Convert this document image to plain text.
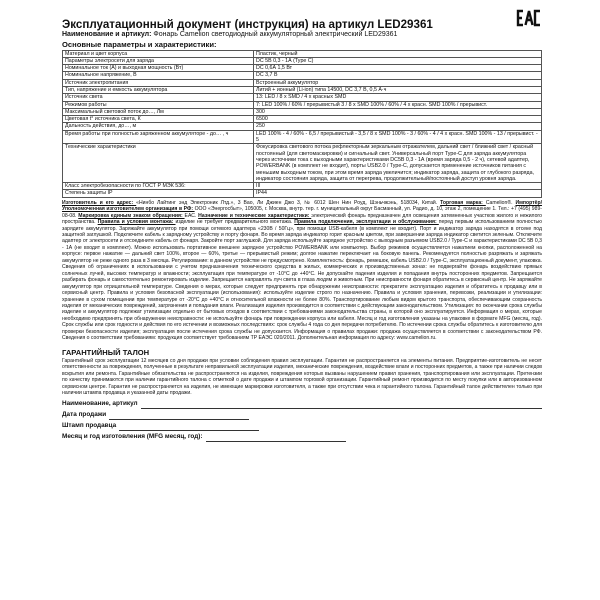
Эксплуатационный документ (инструкция) на артикул LED29361
Наименование и артикул: Фонарь Camelion светодиодный аккумуляторный электрический LED29361
Основные параметры и характеристики:
Материал и цвет корпуса	Пластик, черный
Параметры электросети для заряда	DC 5В 0,3 - 1А (Type C)
Номинальное ток (А) и выходная мощность (Вт)	DC 0,6А 1,5 Вт
Номинальное напряжение, В	DC 3,7 В
Источник электропитания	Встроенный аккумулятор
Тип, напряжение и емкость аккумулятора	Литий + ионный (Li-ion) типа 14500, DC 3,7 В, 0,5 А·ч
Источник света	13: LED / 8 x SMD / 4 x красных SMD
Режимов работы	7: LED 100% / 60% / прерывистый 3 / 8 x SMD 100% / 60% / 4 x красн. SMD 100% / прерывист.
Максимальный световой поток до…, Лм	300
Цветовая t° источника света, К	6500
Дальность действия, до…, м	250
Время работы при полностью заряженном аккумуляторе - до… , ч	LED 100% - 4 / 60% - 6,5 / прерывистый - 3,5 / 8 x SMD 100% - 3 / 60% - 4 / 4 x красн. SMD 100% - 13 / прерывист. - 5
Технические характеристики	Фокусировка светового потока рефлекторным зеркальным отражателем, дальний свет / ближний свет / красный постоянный (для светомаскировки) и сигнальный свет. Универсальный порт Type-C для заряда аккумулятора через источники тока с выходными характеристиками DC5В 0,3 - 1А (время заряда 0,5 - 2 ч), сетевой адаптер, POWERBANK (в комплект не входит), порты USB2.0 / Type-C, допускается применение источников питания с меньшим выходным током, при этом время заряда увеличится; индикатор заряда, защита от глубокого разряда, индикатор состояния заряда, защита от перегрева, продолжительный/постоянный доступ уровня заряда.
Класс электробезопасности по ГОСТ Р МЭК 536:	III
Степень защиты IP	IP44
Изготовитель и его адрес: «Нинбо Лайтинг энд Электроник Лтд.», 3 Вао, Ли Джиен Джо 3, № 6012 Шен Нин Роуд, Шэньчжэнь, 518034, Китай. Торговая марка: Camelion®. Импортёр/Уполномоченная изготовителем организация в РФ: ООО «Энергосбыт», 105005, г. Москва, внутр. тер. г. муниципальный округ Басманный, ул. Радио, д. 10, этаж 2, помещение 1. Тел.: +7 (495) 989-08-08. Маркировка единым знаком обращения: ЕАС. Назначение и технические характеристики: электрический фонарь предназначен для освещения затемненных участков жилого и нежилого пространства. Правила и условия монтажа: изделие не требует предварительного монтажа. Правила подключения, эксплуатации и обслуживания: перед первым использованием полностью зарядите аккумулятор. Заряжайте аккумулятор при помощи сетевого адаптера «230В / 50Гц», при помощи USB-кабеля (в комплект не входит). Порт и индикатор заряда находятся в отсеке под защитной заглушкой. Подключите кабель к зарядному устройству и порту фонаря. Во время заряда индикатор горит красным цветом, при завершении заряда индикатор светится зеленым. Отключите адаптер от электросети и отсоедините кабель от фонаря. Закройте порт заглушкой. Для заряда используйте зарядное устройство с выходным разъемом USB2.0 / Type-C и характеристиками DC 5В 0,3 - 1А (не входит в комплект). Можно использовать портативное внешнее зарядное устройство POWERBANK или компьютер. Выбор режимов осуществляется нажатием кнопки, расположенной на корпусе: первое нажатие — дальний свет 100%, второе — 60%, третье — прерывистый режим; долгое нажатие переключает на боковую панель. Рекомендуется полностью разряжать и заряжать аккумулятор не реже одного раза в 3 месяца. Регулирование: в данном устройстве не предусмотрено. Комплектность: фонарь, ремешок, кабель USB2.0 / Type-C, эксплуатационный документ, упаковка. Сведения об ограничениях в использовании с учетом предназначения технического средства в жилых, коммерческих и производственных зонах: не подвергайте фонарь воздействию прямых солнечных лучей, высоких температур и влажности; эксплуатация при температуре от -10°С до +40°С. Не допускайте падения изделия и попадания внутрь посторонних предметов. Запрещается разбирать фонарь и самостоятельно ремонтировать изделие. Запрещается направлять луч света в глаза людям и животным. При неисправности фонаря обратитесь в сервисный центр. Не заряжайте аккумулятор при отрицательной температуре. Сведения о мерах, которые следует предпринять при обнаружении неисправности: прекратите эксплуатацию изделия и обратитесь к продавцу или в сервисный центр. Правила и условия безопасной эксплуатации (использования): используйте изделие строго по назначению. Правила и условия хранения, перевозки, реализации и утилизации: хранение в сухом помещении при температуре от -20°С до +40°С и относительной влажности не более 80%. Транспортирование любым видом крытого транспорта, обеспечивающим сохранность изделия от механических повреждений, загрязнения и попадания влаги. Реализация изделия производится в соответствии с действующим законодательством. Утилизация: по окончании срока службы изделие и аккумулятор подлежат утилизации отдельно от бытовых отходов в соответствии с требованиями законодательства страны, в которой оно эксплуатируется. Информация о мерах, которые необходимо предпринять при обнаружении неисправности: не используйте фонарь при повреждении корпуса или кабеля. Месяц и год изготовления указаны на упаковке в формате MFG (месяц, год). Срок службы или срок годности и действия по его истечении и возможных последствиях: срок службы 4 года со дня передачи потребителю. По истечении срока службы обратитесь к изготовителю для проверки безопасности изделия; эксплуатация после истечения срока службы не допускается. Информация о правилах продажи: продажа осуществляется в соответствии с законодательством РФ. Сведения о соответствии требованиям: продукция соответствует требованиям ТР ЕАЭС 020/2011. Дополнительная информация по адресу: www.camelion.ru.
ГАРАНТИЙНЫЙ ТАЛОН
Гарантийный срок эксплуатации 12 месяцев со дня продажи при условии соблюдения правил эксплуатации. Гарантия не распространяется на элементы питания. Предприятие-изготовитель не несет ответственности за повреждения, полученные в результате неправильной эксплуатации изделия, механические повреждения, воздействие влаги и посторонних предметов, а также при наличии следов вскрытия или ремонта. Гарантийные обязательства не распространяются на изделия, повреждения которых вызваны нарушением правил хранения, транспортирования или эксплуатации. Претензии по качеству принимаются при наличии гарантийного талона с отметкой о дате продажи и штампом торговой организации. Гарантийный ремонт производится по месту покупки или в авторизованном сервисном центре. Гарантия не распространяется на изделия, не имеющие маркировки изготовителя, а также при отсутствии чека и гарантийного талона. Гарантийный талон действителен только при наличии штампа продавца и указанной даты продажи.
Наименование, артикул
Дата продажи
Штамп продавца
Месяц и год изготовления (MFG месяц, год):
